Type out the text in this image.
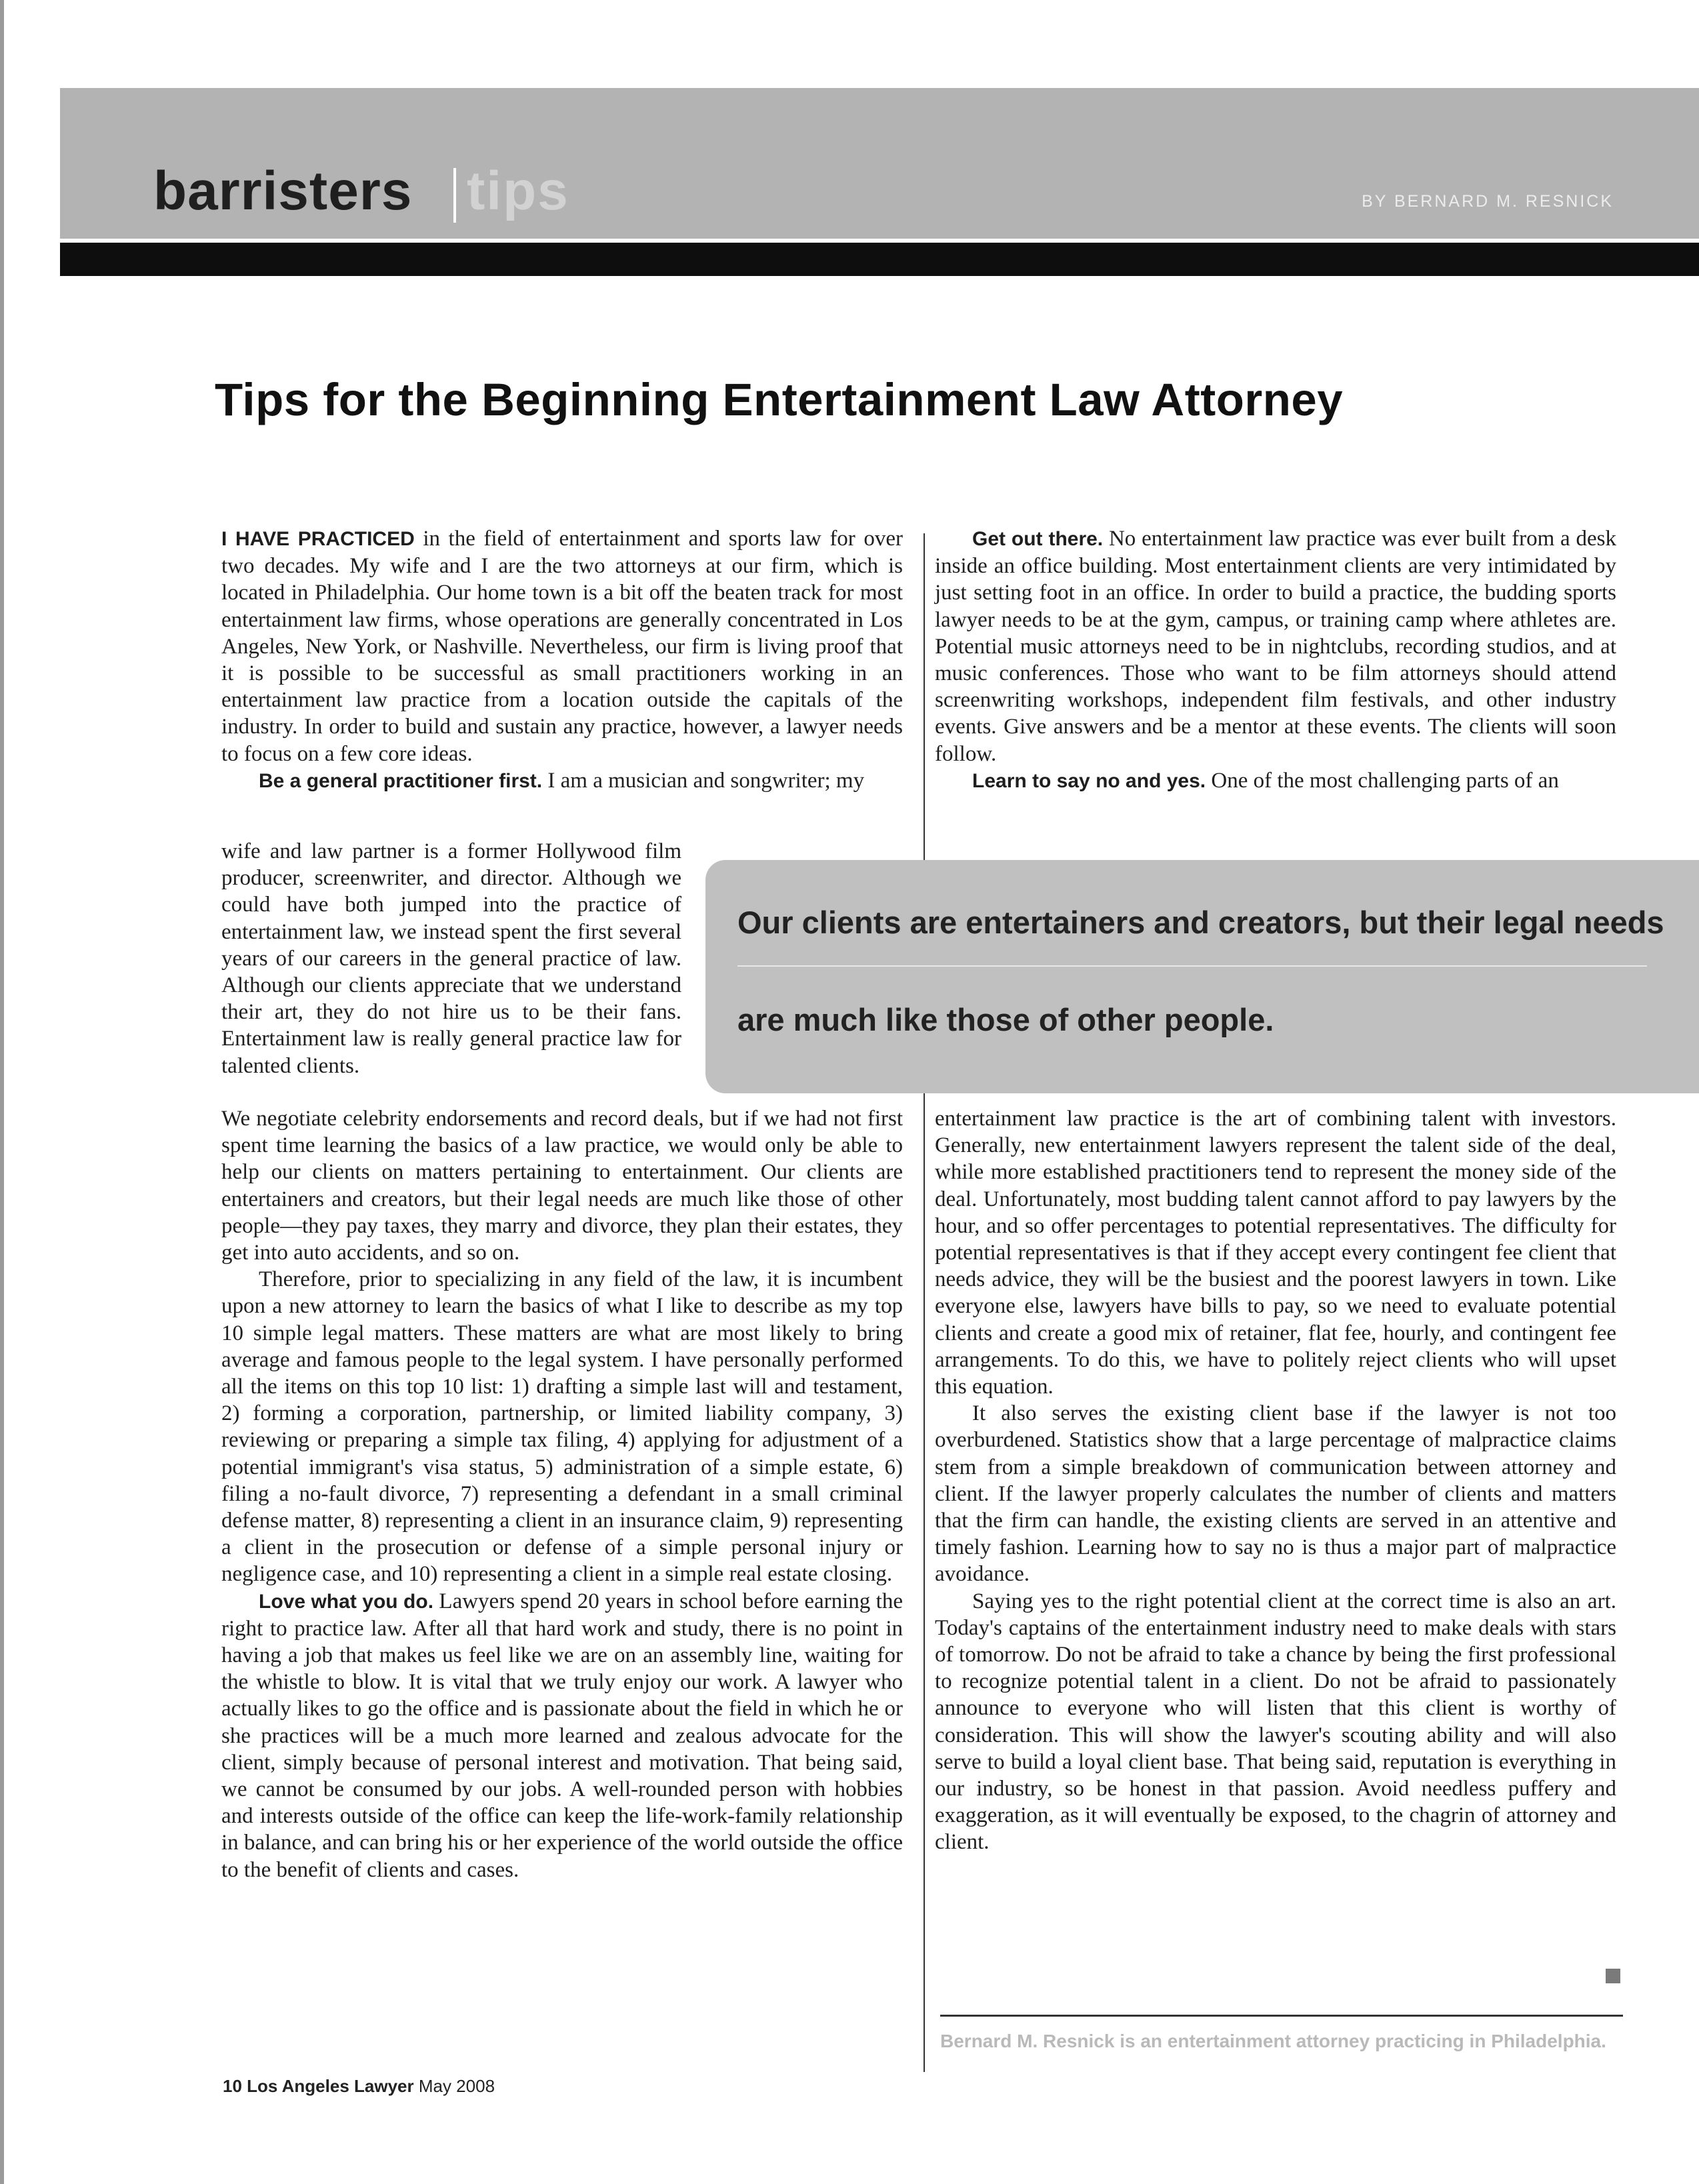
barristers tips	BY BERNARD M. RESNICK
Tips for the Beginning Entertainment Law Attorney

I HAVE PRACTICED in the field of entertainment and sports law for over two decades. My wife and I are the two attorneys at our firm, which is located in Philadelphia. Our home town is a bit off the beaten track for most entertainment law firms, whose operations are generally concentrated in Los Angeles, New York, or Nashville. Nevertheless, our firm is living proof that it is possible to be successful as small practitioners working in an entertainment law practice from a location outside the capitals of the industry. In order to build and sustain any practice, however, a lawyer needs to focus on a few core ideas.

Be a general practitioner first. I am a musician and songwriter; my

wife and law partner is a former Hollywood film producer, screenwriter, and director. Although we could have both jumped into the practice of entertainment law, we instead spent the first several years of our careers in the general practice of law. Although our clients appreciate that we understand their art, they do not hire us to be their fans. Entertainment law is really general practice law for talented clients.

We negotiate celebrity endorsements and record deals, but if we had not first spent time learning the basics of a law practice, we would only be able to help our clients on matters pertaining to entertainment. Our clients are entertainers and creators, but their legal needs are much like those of other people—they pay taxes, they marry and divorce, they plan their estates, they get into auto accidents, and so on.

Therefore, prior to specializing in any field of the law, it is incumbent upon a new attorney to learn the basics of what I like to describe as my top 10 simple legal matters. These matters are what are most likely to bring average and famous people to the legal system. I have personally performed all the items on this top 10 list: 1) drafting a simple last will and testament, 2) forming a corporation, partnership, or limited liability company, 3) reviewing or preparing a simple tax filing, 4) applying for adjustment of a potential immigrant's visa status, 5) administration of a simple estate, 6) filing a no-fault divorce, 7) representing a defendant in a small criminal defense matter, 8) representing a client in an insurance claim, 9) representing a client in the prosecution or defense of a simple personal injury or negligence case, and 10) representing a client in a simple real estate closing.

Love what you do. Lawyers spend 20 years in school before earning the right to practice law. After all that hard work and study, there is no point in having a job that makes us feel like we are on an assembly line, waiting for the whistle to blow. It is vital that we truly enjoy our work. A lawyer who actually likes to go the office and is passionate about the field in which he or she practices will be a much more learned and zealous advocate for the client, simply because of personal interest and motivation. That being said, we cannot be consumed by our jobs. A well-rounded person with hobbies and interests outside of the office can keep the life-work-family relationship in balance, and can bring his or her experience of the world outside the office to the benefit of clients and cases.

Get out there. No entertainment law practice was ever built from a desk inside an office building. Most entertainment clients are very intimidated by just setting foot in an office. In order to build a practice, the budding sports lawyer needs to be at the gym, campus, or training camp where athletes are. Potential music attorneys need to be in nightclubs, recording studios, and at music conferences. Those who want to be film attorneys should attend screenwriting workshops, independent film festivals, and other industry events. Give answers and be a mentor at these events. The clients will soon follow.

Learn to say no and yes. One of the most challenging parts of an

entertainment law practice is the art of combining talent with investors. Generally, new entertainment lawyers represent the talent side of the deal, while more established practitioners tend to represent the money side of the deal. Unfortunately, most budding talent cannot afford to pay lawyers by the hour, and so offer percentages to potential representatives. The difficulty for potential representatives is that if they accept every contingent fee client that needs advice, they will be the busiest and the poorest lawyers in town. Like everyone else, lawyers have bills to pay, so we need to evaluate potential clients and create a good mix of retainer, flat fee, hourly, and contingent fee arrangements. To do this, we have to politely reject clients who will upset this equation.

It also serves the existing client base if the lawyer is not too overburdened. Statistics show that a large percentage of malpractice claims stem from a simple breakdown of communication between attorney and client. If the lawyer properly calculates the number of clients and matters that the firm can handle, the existing clients are served in an attentive and timely fashion. Learning how to say no is thus a major part of malpractice avoidance.

Saying yes to the right potential client at the correct time is also an art. Today's captains of the entertainment industry need to make deals with stars of tomorrow. Do not be afraid to take a chance by being the first professional to recognize potential talent in a client. Do not be afraid to passionately announce to everyone who will listen that this client is worthy of consideration. This will show the lawyer's scouting ability and will also serve to build a loyal client base. That being said, reputation is everything in our industry, so be honest in that passion. Avoid needless puffery and exaggeration, as it will eventually be exposed, to the chagrin of attorney and client.

Our clients are entertainers and creators, but their legal needs
are much like those of other people.
Bernard M. Resnick is an entertainment attorney practicing in Philadelphia.
10 Los Angeles Lawyer May 2008
